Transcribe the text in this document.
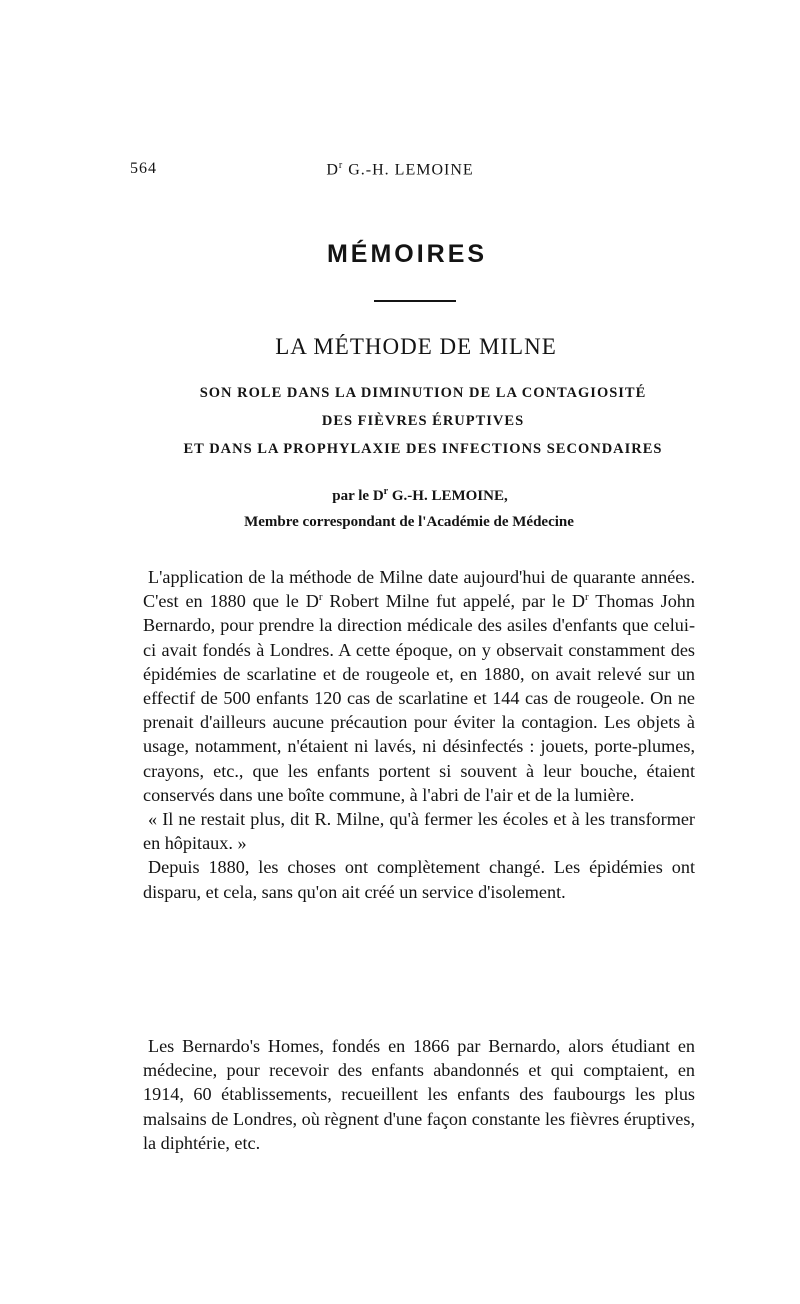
564	$D^r$ G.-H. LEMOINE
MÉMOIRES
LA MÉTHODE DE MILNE
SON ROLE DANS LA DIMINUTION DE LA CONTAGIOSITÉ
DES FIÈVRES ÉRUPTIVES
ET DANS LA PROPHYLAXIE DES INFECTIONS SECONDAIRES
par le $D^r$ G.-H. LEMOINE,
Membre correspondant de l'Académie de Médecine

L'application de la méthode de Milne date aujourd'hui de quarante années. C'est en 1880 que le $D^r$ Robert Milne fut appelé, par le $D^r$ Thomas John Bernardo, pour prendre la direction médicale des asiles d'enfants que celui-ci avait fondés à Londres. A cette époque, on y observait constamment des épidémies de scarlatine et de rougeole et, en 1880, on avait relevé sur un effectif de 500 enfants 120 cas de scarlatine et 144 cas de rougeole. On ne prenait d'ailleurs aucune précaution pour éviter la contagion. Les objets à usage, notamment, n'étaient ni lavés, ni désinfectés : jouets, porte-plumes, crayons, etc., que les enfants portent si souvent à leur bouche, étaient conservés dans une boîte commune, à l'abri de l'air et de la lumière.

« Il ne restait plus, dit R. Milne, qu'à fermer les écoles et à les transformer en hôpitaux. »

Depuis 1880, les choses ont complètement changé. Les épidémies ont disparu, et cela, sans qu'on ait créé un service d'isolement.

Les Bernardo's Homes, fondés en 1866 par Bernardo, alors étudiant en médecine, pour recevoir des enfants abandonnés et qui comptaient, en 1914, 60 établissements, recueillent les enfants des faubourgs les plus malsains de Londres, où règnent d'une façon constante les fièvres éruptives, la diphtérie, etc.
